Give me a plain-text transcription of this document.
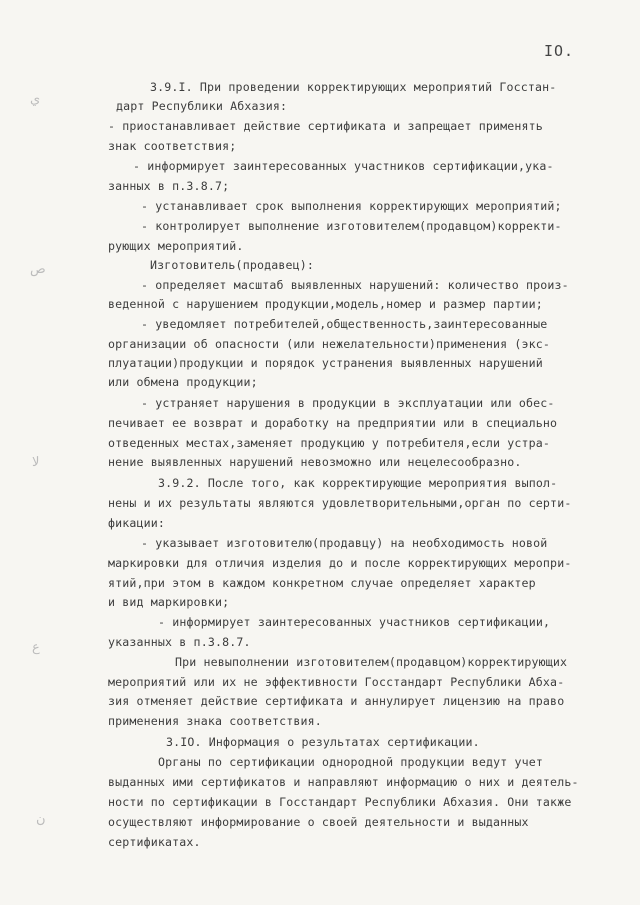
IO.
ي
ص
لا
ع
ن
3.9.I. При проведении корректирующих мероприятий Госстан-
дарт Республики Абхазия:
- приостанавливает действие сертификата и запрещает применять
знак соответствия;
- информирует заинтересованных участников сертификации,ука-
занных в п.3.8.7;
- устанавливает срок выполнения корректирующих мероприятий;
- контролирует выполнение изготовителем(продавцом)корректи-
рующих мероприятий.
Изготовитель(продавец):
- определяет масштаб выявленных нарушений: количество произ-
веденной с нарушением продукции,модель,номер и размер партии;
- уведомляет потребителей,общественность,заинтересованные
организации об опасности (или нежелательности)применения (экс-
плуатации)продукции и порядок устранения выявленных нарушений
или обмена продукции;
- устраняет нарушения в продукции в эксплуатации или обес-
печивает ее возврат и доработку на предприятии или в специально
отведенных местах,заменяет продукцию у потребителя,если устра-
нение выявленных нарушений невозможно или нецелесообразно.
3.9.2. После того, как корректирующие мероприятия выпол-
нены и их результаты являются удовлетворительными,орган по серти-
фикации:
- указывает изготовителю(продавцу) на необходимость новой
маркировки для отличия изделия до и после корректирующих меропри-
ятий,при этом в каждом конкретном случае определяет характер
и вид маркировки;
- информирует заинтересованных участников сертификации,
указанных в п.3.8.7.
При невыполнении изготовителем(продавцом)корректирующих
мероприятий или их не эффективности Госстандарт Республики Абха-
зия отменяет действие сертификата и аннулирует лицензию на право
применения знака соответствия.
3.IO. Информация о результатах сертификации.
Органы по сертификации однородной продукции ведут учет
выданных ими сертификатов и направляют информацию о них и деятель-
ности по сертификации в Госстандарт Республики Абхазия. Они также
осуществляют информирование о своей деятельности и выданных
сертификатах.
